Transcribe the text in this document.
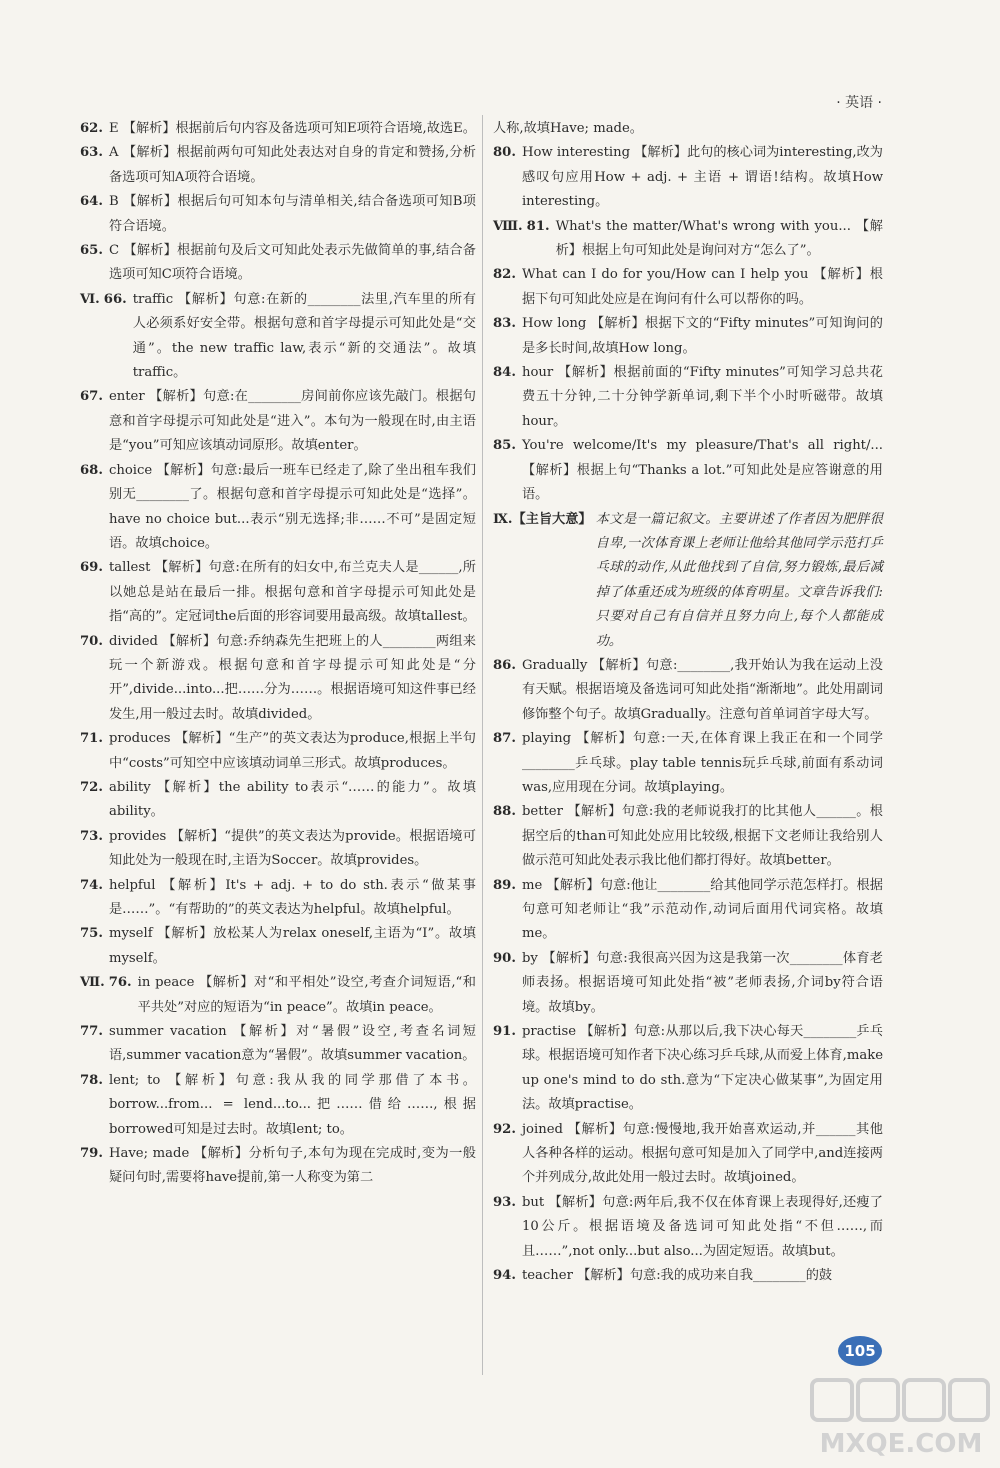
· 英语 ·
62. E 【解析】根据前后句内容及备选项可知E项符合语境,故选E。
63. A 【解析】根据前两句可知此处表达对自身的肯定和赞扬,分析备选项可知A项符合语境。
64. B 【解析】根据后句可知本句与清单相关,结合备选项可知B项符合语境。
65. C 【解析】根据前句及后文可知此处表示先做简单的事,结合备选项可知C项符合语境。
Ⅵ. 66. traffic 【解析】句意:在新的________法里,汽车里的所有人必须系好安全带。根据句意和首字母提示可知此处是“交通”。the new traffic law,表示“新的交通法”。故填traffic。
67. enter 【解析】句意:在________房间前你应该先敲门。根据句意和首字母提示可知此处是“进入”。本句为一般现在时,由主语是“you”可知应该填动词原形。故填enter。
68. choice 【解析】句意:最后一班车已经走了,除了坐出租车我们别无________了。根据句意和首字母提示可知此处是“选择”。have no choice but...表示“别无选择;非……不可”是固定短语。故填choice。
69. tallest 【解析】句意:在所有的妇女中,布兰克夫人是______,所以她总是站在最后一排。根据句意和首字母提示可知此处是指“高的”。定冠词the后面的形容词要用最高级。故填tallest。
70. divided 【解析】句意:乔纳森先生把班上的人________两组来玩一个新游戏。根据句意和首字母提示可知此处是“分开”,divide...into...把……分为……。根据语境可知这件事已经发生,用一般过去时。故填divided。
71. produces 【解析】“生产”的英文表达为produce,根据上半句中“costs”可知空中应该填动词单三形式。故填produces。
72. ability 【解析】the ability to表示“……的能力”。故填ability。
73. provides 【解析】“提供”的英文表达为provide。根据语境可知此处为一般现在时,主语为Soccer。故填provides。
74. helpful 【解析】It's + adj. + to do sth.表示“做某事是……”。“有帮助的”的英文表达为helpful。故填helpful。
75. myself 【解析】放松某人为relax oneself,主语为“I”。故填myself。
Ⅶ. 76. in peace 【解析】对“和平相处”设空,考查介词短语,“和平共处”对应的短语为“in peace”。故填in peace。
77. summer vacation 【解析】对“暑假”设空,考查名词短语,summer vacation意为“暑假”。故填summer vacation。
78. lent; to 【解析】句意:我从我的同学那借了本书。borrow...from... = lend...to...把……借给……,根据borrowed可知是过去时。故填lent; to。
79. Have; made 【解析】分析句子,本句为现在完成时,变为一般疑问句时,需要将have提前,第一人称变为第二
人称,故填Have; made。
80. How interesting 【解析】此句的核心词为interesting,改为感叹句应用How + adj. + 主语 + 谓语!结构。故填How interesting。
Ⅷ. 81. What's the matter/What's wrong with you... 【解析】根据上句可知此处是询问对方“怎么了”。
82. What can I do for you/How can I help you 【解析】根据下句可知此处应是在询问有什么可以帮你的吗。
83. How long 【解析】根据下文的“Fifty minutes”可知询问的是多长时间,故填How long。
84. hour 【解析】根据前面的“Fifty minutes”可知学习总共花费五十分钟,二十分钟学新单词,剩下半个小时听磁带。故填hour。
85. You're welcome/It's my pleasure/That's all right/... 【解析】根据上句“Thanks a lot.”可知此处是应答谢意的用语。
Ⅸ.【主旨大意】 本文是一篇记叙文。主要讲述了作者因为肥胖很自卑,一次体育课上老师让他给其他同学示范打乒乓球的动作,从此他找到了自信,努力锻炼,最后减掉了体重还成为班级的体育明星。文章告诉我们:只要对自己有自信并且努力向上,每个人都能成功。
86. Gradually 【解析】句意:________,我开始认为我在运动上没有天赋。根据语境及备选词可知此处指“渐渐地”。此处用副词修饰整个句子。故填Gradually。注意句首单词首字母大写。
87. playing 【解析】句意:一天,在体育课上我正在和一个同学________乒乓球。play table tennis玩乒乓球,前面有系动词was,应用现在分词。故填playing。
88. better 【解析】句意:我的老师说我打的比其他人______。根据空后的than可知此处应用比较级,根据下文老师让我给别人做示范可知此处表示我比他们都打得好。故填better。
89. me 【解析】句意:他让________给其他同学示范怎样打。根据句意可知老师让“我”示范动作,动词后面用代词宾格。故填me。
90. by 【解析】句意:我很高兴因为这是我第一次________体育老师表扬。根据语境可知此处指“被”老师表扬,介词by符合语境。故填by。
91. practise 【解析】句意:从那以后,我下决心每天________乒乓球。根据语境可知作者下决心练习乒乓球,从而爱上体育,make up one's mind to do sth.意为“下定决心做某事”,为固定用法。故填practise。
92. joined 【解析】句意:慢慢地,我开始喜欢运动,并______其他人各种各样的运动。根据句意可知是加入了同学中,and连接两个并列成分,故此处用一般过去时。故填joined。
93. but 【解析】句意:两年后,我不仅在体育课上表现得好,还瘦了10公斤。根据语境及备选词可知此处指“不但……,而且……”,not only...but also...为固定短语。故填but。
94. teacher 【解析】句意:我的成功来自我________的鼓
105
MXQE.COM
